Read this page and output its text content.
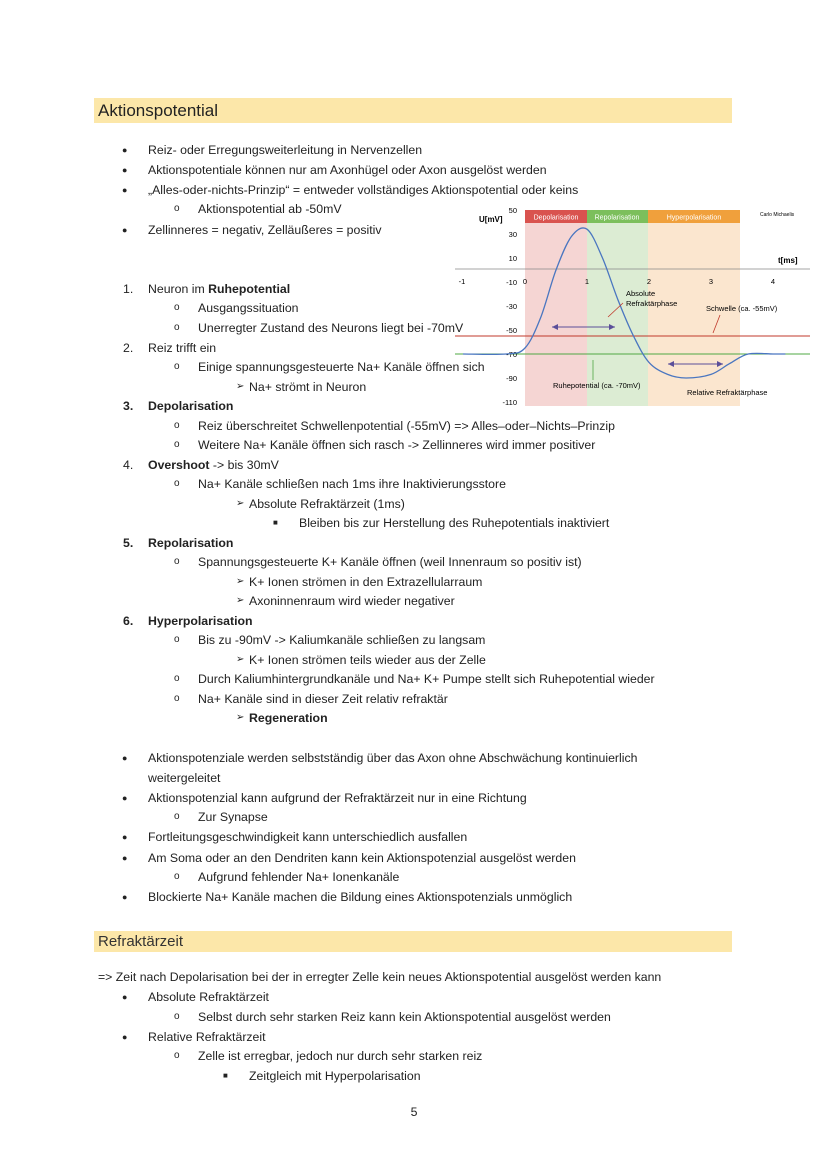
Aktionspotential
● Reiz- oder Erregungsweiterleitung in Nervenzellen
● Aktionspotentiale können nur am Axonhügel oder Axon ausgelöst werden
● „Alles-oder-nichts-Prinzip“ = entweder vollständiges Aktionspotential oder keins
o Aktionspotential ab -50mV
● Zellinneres = negativ, Zelläußeres = positiv
1. Neuron im Ruhepotential
o Ausgangssituation
o Unerregter Zustand des Neurons liegt bei -70mV
2. Reiz trifft ein
o Einige spannungsgesteuerte Na+ Kanäle öffnen sich
➢ Na+ strömt in Neuron
3. Depolarisation
o Reiz überschreitet Schwellenpotential (-55mV) => Alles–oder–Nichts–Prinzip
o Weitere Na+ Kanäle öffnen sich rasch -> Zellinneres wird immer positiver
4. Overshoot -> bis 30mV
o Na+ Kanäle schließen nach 1ms ihre Inaktivierungsstore
➢ Absolute Refraktärzeit (1ms)
■ Bleiben bis zur Herstellung des Ruhepotentials inaktiviert
5. Repolarisation
o Spannungsgesteuerte K+ Kanäle öffnen (weil Innenraum so positiv ist)
➢ K+ Ionen strömen in den Extrazellularraum
➢ Axoninnenraum wird wieder negativer
6. Hyperpolarisation
o Bis zu -90mV -> Kaliumkanäle schließen zu langsam
➢ K+ Ionen strömen teils wieder aus der Zelle
o Durch Kaliumhintergrundkanäle und Na+ K+ Pumpe stellt sich Ruhepotential wieder
o Na+ Kanäle sind in dieser Zeit relativ refraktär
➢ Regeneration
● Aktionspotenziale werden selbstständig über das Axon ohne Abschwächung kontinuierlich
weitergeleitet
● Aktionspotenzial kann aufgrund der Refraktärzeit nur in eine Richtung
o Zur Synapse
● Fortleitungsgeschwindigkeit kann unterschiedlich ausfallen
● Am Soma oder an den Dendriten kann kein Aktionspotenzial ausgelöst werden
o Aufgrund fehlender Na+ Ionenkanäle
● Blockierte Na+ Kanäle machen die Bildung eines Aktionspotenzials unmöglich
Refraktärzeit
=> Zeit nach Depolarisation bei der in erregter Zelle kein neues Aktionspotential ausgelöst werden kann
● Absolute Refraktärzeit
o Selbst durch sehr starken Reiz kann kein Aktionspotential ausgelöst werden
● Relative Refraktärzeit
o Zelle ist erregbar, jedoch nur durch sehr starken reiz
■ Zeitgleich mit Hyperpolarisation
5
Depolarisation Repolarisation	Hyperpolarisation
U[mV]
t[ms]
Carlo Michaelis
50
30
10
-10
-30
-50
-70
-90
-110
-1	0	1	2	3	4
Absolute
Refraktärphase
Schwelle (ca. -55mV)
Ruhepotential (ca. -70mV)
Relative Refraktärphase
